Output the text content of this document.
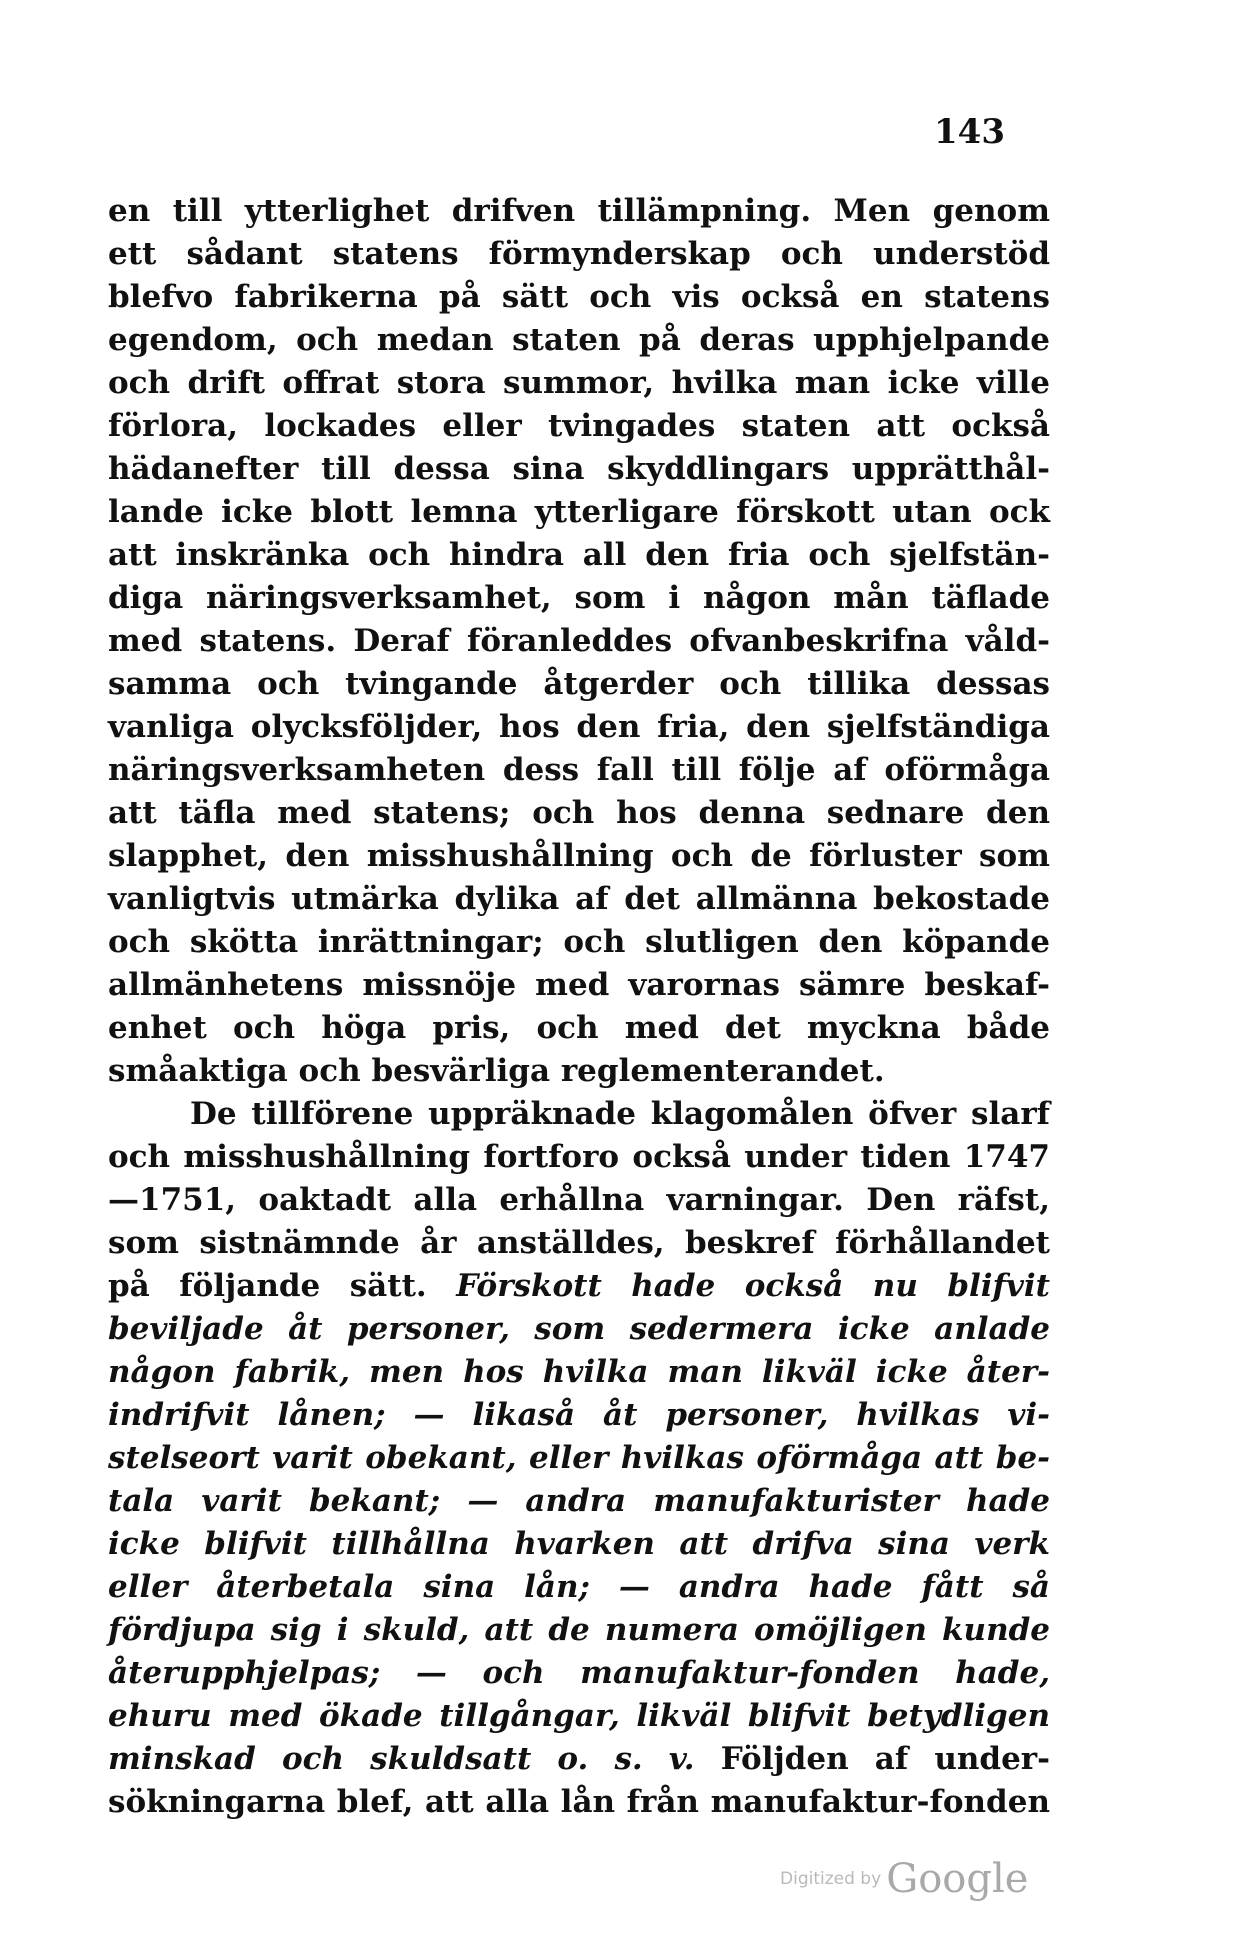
143
en till ytterlighet drifven tillämpning. Men genom
ett sådant statens förmynderskap och understöd
blefvo fabrikerna på sätt och vis också en statens
egendom, och medan staten på deras upphjelpande
och drift offrat stora summor, hvilka man icke ville
förlora, lockades eller tvingades staten att också
hädanefter till dessa sina skyddlingars upprätthål-
lande icke blott lemna ytterligare förskott utan ock
att inskränka och hindra all den fria och sjelfstän-
diga näringsverksamhet, som i någon mån täflade
med statens. Deraf föranleddes ofvanbeskrifna våld-
samma och tvingande åtgerder och tillika dessas
vanliga olycksföljder, hos den fria, den sjelfständiga
näringsverksamheten dess fall till följe af oförmåga
att täfla med statens; och hos denna sednare den
slapphet, den misshushållning och de förluster som
vanligtvis utmärka dylika af det allmänna bekostade
och skötta inrättningar; och slutligen den köpande
allmänhetens missnöje med varornas sämre beskaf-
enhet och höga pris, och med det myckna både
småaktiga och besvärliga reglementerandet.
De tillförene uppräknade klagomålen öfver slarf
och misshushållning fortforo också under tiden 1747
—1751, oaktadt alla erhållna varningar. Den räfst,
som sistnämnde år anställdes, beskref förhållandet
på följande sätt. Förskott hade också nu blifvit
beviljade åt personer, som sedermera icke anlade
någon fabrik, men hos hvilka man likväl icke åter-
indrifvit lånen; — likaså åt personer, hvilkas vi-
stelseort varit obekant, eller hvilkas oförmåga att be-
tala varit bekant; — andra manufakturister hade
icke blifvit tillhållna hvarken att drifva sina verk
eller återbetala sina lån; — andra hade fått så
fördjupa sig i skuld, att de numera omöjligen kunde
återupphjelpas; — och manufaktur-fonden hade,
ehuru med ökade tillgångar, likväl blifvit betydligen
minskad och skuldsatt o. s. v. Följden af under-
sökningarna blef, att alla lån från manufaktur-fonden
Digitized by Google
